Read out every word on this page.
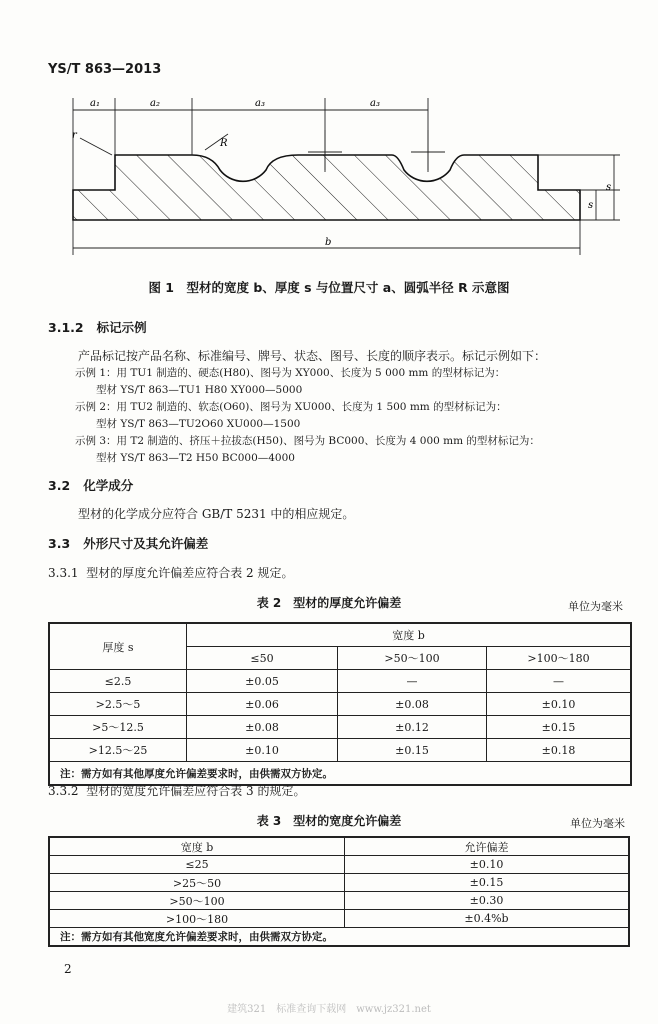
YS/T 863—2013
a₁	a₂	a₃	a₃
r
R
s
s
b
图 1　型材的宽度 b、厚度 s 与位置尺寸 a、圆弧半径 R 示意图
3.1.2 标记示例
产品标记按产品名称、标准编号、牌号、状态、图号、长度的顺序表示。标记示例如下：
示例 1：用 TU1 制造的、硬态(H80)、图号为 XY000、长度为 5 000 mm 的型材标记为：
型材 YS/T 863—TU1 H80 XY000—5000
示例 2：用 TU2 制造的、软态(O60)、图号为 XU000、长度为 1 500 mm 的型材标记为：
型材 YS/T 863—TU2O60 XU000—1500
示例 3：用 T2 制造的、挤压＋拉拔态(H50)、图号为 BC000、长度为 4 000 mm 的型材标记为：
型材 YS/T 863—T2 H50 BC000—4000
3.2 化学成分
型材的化学成分应符合 GB/T 5231 中的相应规定。
3.3 外形尺寸及其允许偏差
3.3.1 型材的厚度允许偏差应符合表 2 规定。
表 2　型材的厚度允许偏差	单位为毫米
厚度 s	宽度 b		
	≤50	>50～100	>100～180
≤2.5	±0.05	—	—
>2.5～5	±0.06	±0.08	±0.10
>5～12.5	±0.08	±0.12	±0.15
>12.5～25	±0.10	±0.15	±0.18
注：需方如有其他厚度允许偏差要求时，由供需双方协定。			
3.3.2 型材的宽度允许偏差应符合表 3 的规定。
表 3　型材的宽度允许偏差	单位为毫米
宽度 b	允许偏差
≤25	±0.10
>25～50	±0.15
>50～100	±0.30
>100～180	±0.4%b
注：需方如有其他宽度允许偏差要求时，由供需双方协定。	
2
建筑321　标准查询下载网　www.jz321.net
